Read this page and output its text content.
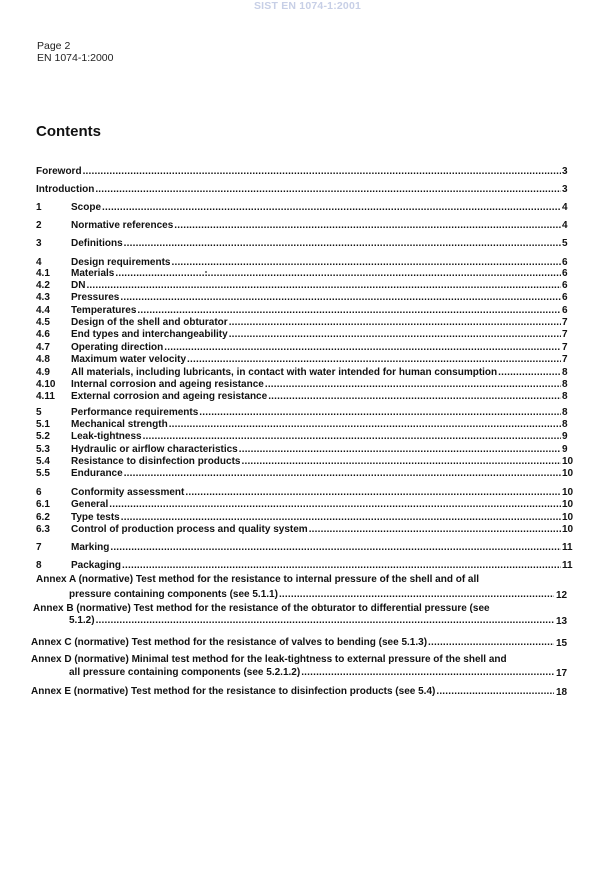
SIST EN 1074-1:2001
Page 2
EN 1074-1:2000
Contents
Foreword .....	3
Introduction .....	3
1	Scope .....	4
2	Normative references .....	4
3	Definitions .....	5
4	Design requirements .....	6
4.1 Materials .....	6
4.2 DN .....	6
4.3 Pressures .....	6
4.4 Temperatures .....	6
4.5 Design of the shell and obturator .....	7
4.6 End types and interchangeability .....	7
4.7 Operating direction .....	7
4.8 Maximum water velocity .....	7
4.9 All materials, including lubricants, in contact with water intended for human consumption .....	8
4.10 Internal corrosion and ageing resistance .....	8
4.11 External corrosion and ageing resistance .....	8
5	Performance requirements .....	8
5.1 Mechanical strength .....	8
5.2 Leak-tightness .....	9
5.3 Hydraulic or airflow characteristics .....	9
5.4 Resistance to disinfection products .....	10
5.5 Endurance .....	10
6	Conformity assessment .....	10
6.1 General .....	10
6.2 Type tests .....	10
6.3 Control of production process and quality system .....	10
7	Marking .....	11
8	Packaging .....	11
Annex A (normative) Test method for the resistance to internal pressure of the shell and of all
pressure containing components (see 5.1.1) .....	12
Annex B (normative) Test method for the resistance of the obturator to differential pressure (see
5.1.2) .....	13
Annex C (normative) Test method for the resistance of valves to bending (see 5.1.3) .....	15
Annex D (normative) Minimal test method for the leak-tightness to external pressure of the shell and
all pressure containing components (see 5.2.1.2) .....	17
Annex E (normative) Test method for the resistance to disinfection products (see 5.4) .....	18
